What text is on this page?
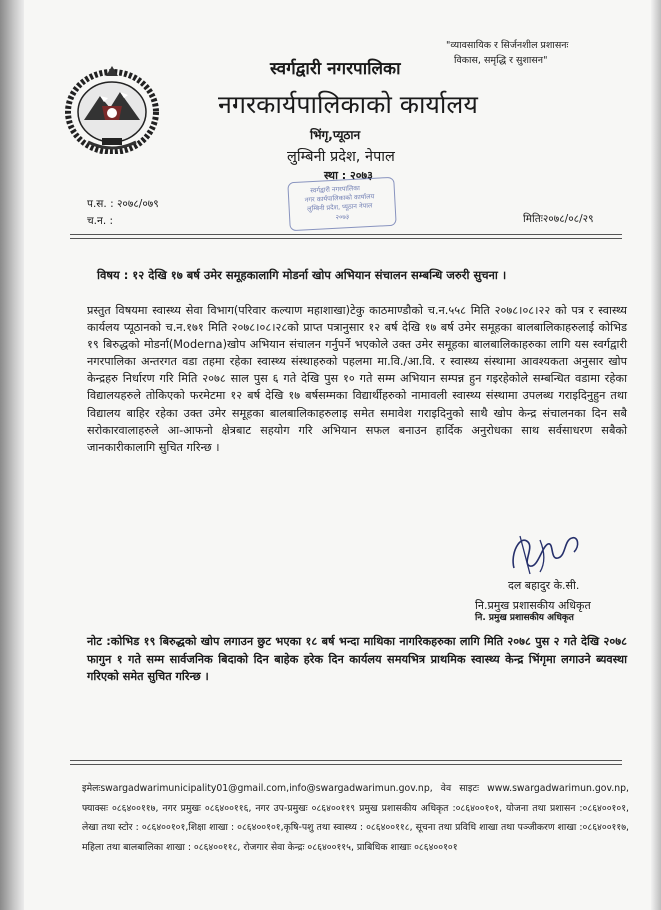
"व्यावसायिक र सिर्जनशील प्रशासनः
विकास, समृद्धि र सुशासन"
स्वर्गद्वारी नगरपालिका
नगरकार्यपालिकाको कार्यालय
भिंगृ,प्यूठान
लुम्बिनी प्रदेश, नेपाल
स्था : २०७३
स्वर्गद्वारी नगरपालिका
नगर कार्यपालिकाको कार्यालय
लुम्बिनी प्रदेश, प्यूठान नेपाल
२०७३
प.स. : २०७८/०७९
च.न. :	मितिः२०७८/०८/२९
विषय : १२ देखि १७ बर्ष उमेर समूहकालागि मोडर्ना खोप अभियान संचालन सम्बन्धि जरुरी सुचना ।
प्रस्तुत विषयमा स्वास्थ्य सेवा विभाग(परिवार कल्याण महाशाखा)टेकु काठमाण्डौको च.न.५५८ मिति २०७८।०८।२२ को पत्र र स्वास्थ्य कार्यलय प्यूठानको च.न.१७१ मिति २०७८।०८।२८को प्राप्त पत्रानुसार १२ बर्ष देखि १७ बर्ष उमेर समूहका बालबालिकाहरुलाई कोभिड १९ बिरुद्धको मोडर्ना(Moderna)खोप अभियान संचालन गर्नुपर्ने भएकोले उक्त उमेर समूहका बालबालिकाहरुका लागि यस स्वर्गद्वारी नगरपालिका अन्तरगत वडा तहमा रहेका स्वास्थ्य संस्थाहरुको पहलमा मा.वि./आ.वि. र स्वास्थ्य संस्थामा आवश्यकता अनुसार खोप केन्द्रहरु निर्धारण गरि मिति २०७८ साल पुस ६ गते देखि पुस १० गते सम्म अभियान सम्पन्न हुन गइरहेकोले सम्बन्धित वडामा रहेका विद्यालयहरुले तोकिएको फरमेटमा १२ बर्ष देखि १७ बर्षसम्मका विद्यार्थीहरुको नामावली स्वास्थ्य संस्थामा उपलब्ध गराइदिनुहुन तथा विद्यालय बाहिर रहेका उक्त उमेर समूहका बालबालिकाहरुलाइ समेत समावेश गराइदिनुको साथै खोप केन्द्र संचालनका दिन सबै सरोकारवालाहरुले आ-आफनो क्षेत्रबाट सहयोग गरि अभियान सफल बनाउन हार्दिक अनुरोधका साथ सर्वसाधरण सबैको जानकारीकालागि सुचित गरिन्छ ।
दल बहादुर के.सी.
नि.प्रमुख प्रशासकीय अधिकृत
नि. प्रमुख प्रशासकीय अधिकृत
नोट :कोभिड १९ बिरुद्धको खोप लगाउन छुट भएका १८ बर्ष भन्दा माथिका नागरिकहरुका लागि मिति २०७८ पुस २ गते देखि २०७८ फागुन १ गते सम्म सार्वजनिक बिदाको दिन बाहेक हरेक दिन कार्यलय समयभित्र प्राथमिक स्वास्थ्य केन्द्र भिंगृमा लगाउने ब्यवस्था गरिएको समेत सुचित गरिन्छ ।
इमेलःswargadwarimunicipality01@gmail.com,info@swargadwarimun.gov.np, वेव साइटः www.swargadwarimun.gov.np, फ्याक्सः ०८६४००११७, नगर प्रमुखः ०८६४००११६, नगर उप-प्रमुखः ०८६४००११९ प्रमुख प्रशासकीय अधिकृत :०८६४००१०१, योजना तथा प्रशासन :०८६४००१०१, लेखा तथा स्टोर : ०८६४००१०१,शिक्षा शाखा : ०८६४००१०१,कृषि-पशु तथा स्वास्थ्य : ०८६४००११८, सूचना तथा प्रविधि शाखा तथा पञ्जीकरण शाखा :०८६४००११७, महिला तथा बालबालिका शाखा : ०८६४००११८, रोजगार सेवा केन्द्रः ०८६४००११५, प्राबिधिक शाखाः ०८६४००१०१
